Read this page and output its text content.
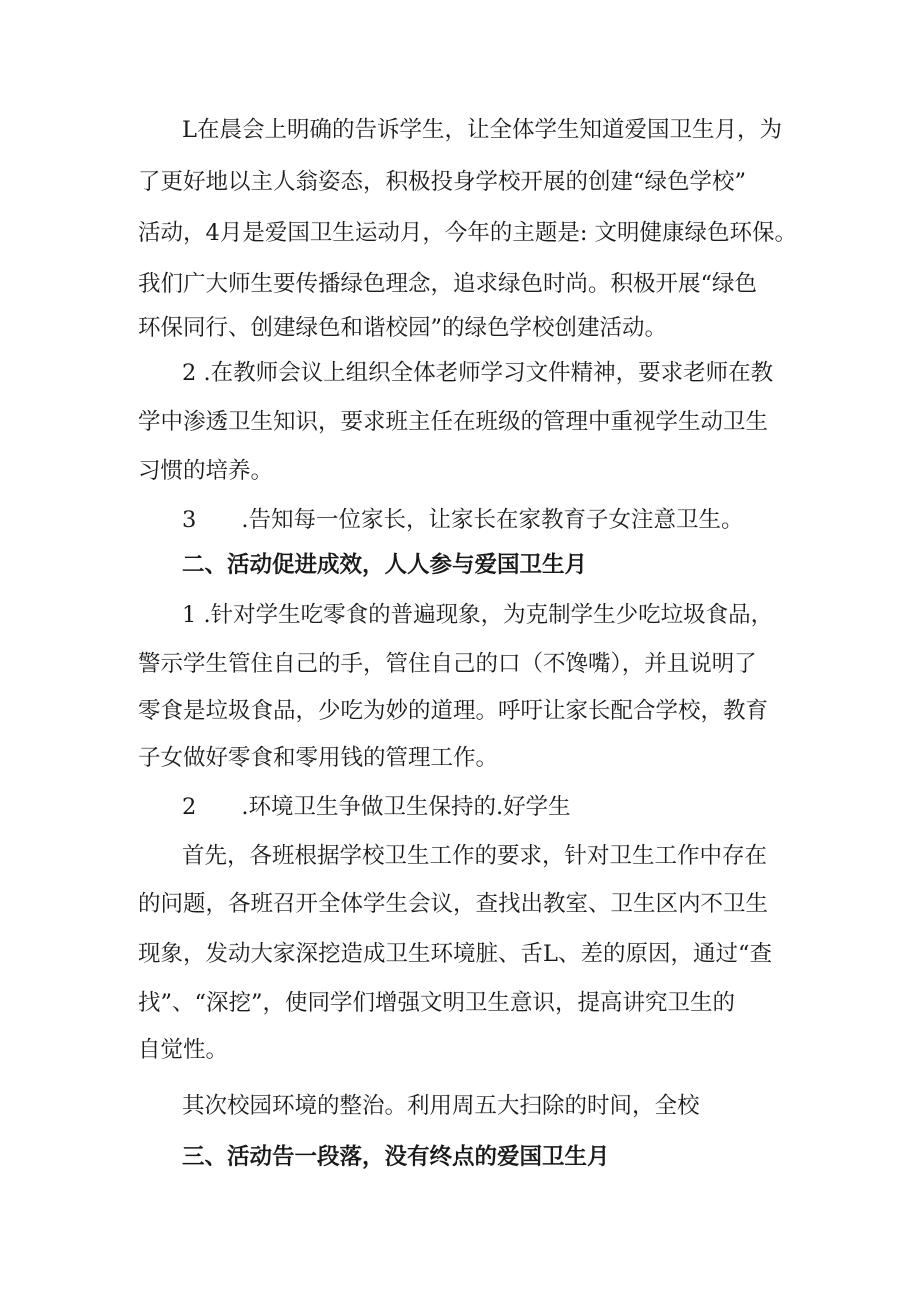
L在晨会上明确的告诉学生，让全体学生知道爱国卫生月，为
了更好地以主人翁姿态，积极投身学校开展的创建“绿色学校”
活动，4月是爱国卫生运动月，今年的主题是: 文明健康绿色环保。
我们广大师生要传播绿色理念，追求绿色时尚。积极开展“绿色
环保同行、创建绿色和谐校园”的绿色学校创建活动。
2 .在教师会议上组织全体老师学习文件精神，要求老师在教
学中渗透卫生知识，要求班主任在班级的管理中重视学生动卫生
习惯的培养。
3　　.告知每一位家长，让家长在家教育子女注意卫生。
二、活动促进成效，人人参与爱国卫生月
1 .针对学生吃零食的普遍现象，为克制学生少吃垃圾食品，
警示学生管住自己的手，管住自己的口（不馋嘴），并且说明了
零食是垃圾食品，少吃为妙的道理。呼吁让家长配合学校，教育
子女做好零食和零用钱的管理工作。
2　　.环境卫生争做卫生保持的.好学生
首先，各班根据学校卫生工作的要求，针对卫生工作中存在
的问题，各班召开全体学生会议，查找出教室、卫生区内不卫生
现象，发动大家深挖造成卫生环境脏、舌L、差的原因，通过“查
找”、“深挖”，使同学们增强文明卫生意识，提高讲究卫生的
自觉性。
其次校园环境的整治。利用周五大扫除的时间，全校
三、活动告一段落，没有终点的爱国卫生月
